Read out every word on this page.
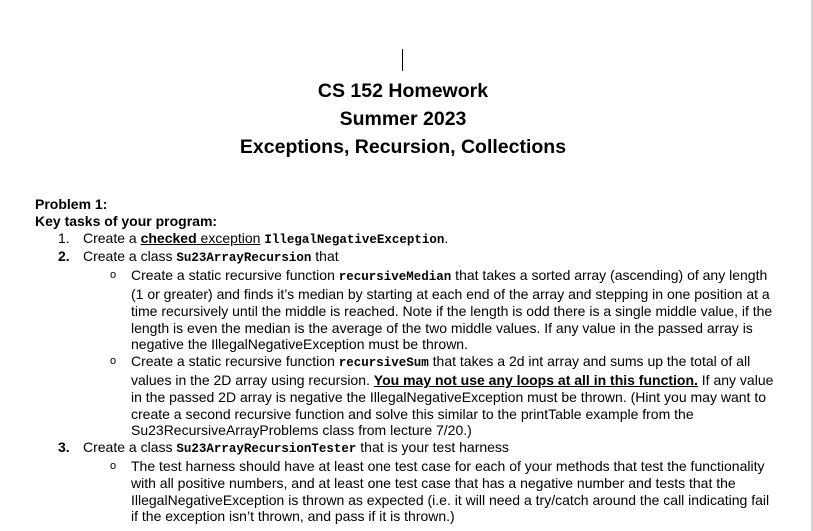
CS 152 Homework
Summer 2023
Exceptions, Recursion, Collections
Problem 1:
Key tasks of your program:
1. Create a checked exception IllegalNegativeException.
2. Create a class Su23ArrayRecursion that
o Create a static recursive function recursiveMedian that takes a sorted array (ascending) of any length (1 or greater) and finds it’s median by starting at each end of the array and stepping in one position at a time recursively until the middle is reached. Note if the length is odd there is a single middle value, if the length is even the median is the average of the two middle values. If any value in the passed array is negative the IllegalNegativeException must be thrown.
o Create a static recursive function recursiveSum that takes a 2d int array and sums up the total of all values in the 2D array using recursion. You may not use any loops at all in this function. If any value in the passed 2D array is negative the IllegalNegativeException must be thrown. (Hint you may want to create a second recursive function and solve this similar to the printTable example from the Su23RecursiveArrayProblems class from lecture 7/20.)
3. Create a class Su23ArrayRecursionTester that is your test harness
o The test harness should have at least one test case for each of your methods that test the functionality with all positive numbers, and at least one test case that has a negative number and tests that the IllegalNegativeException is thrown as expected (i.e. it will need a try/catch around the call indicating fail if the exception isn’t thrown, and pass if it is thrown.)
